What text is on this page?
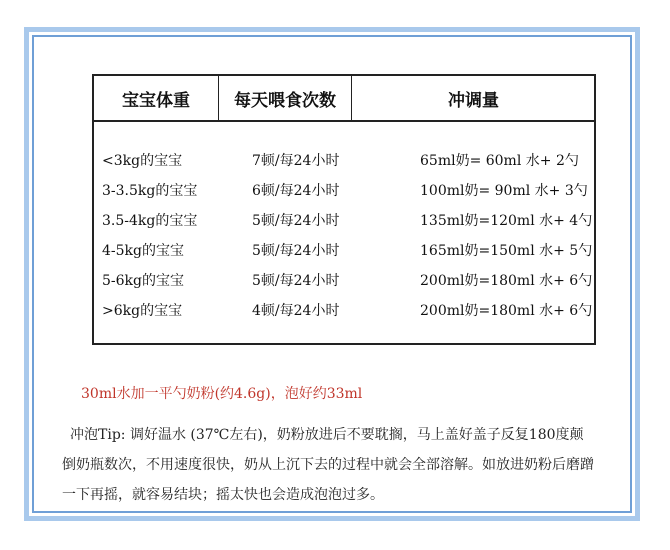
宝宝体重	每天喂食次数	冲调量
<3kg的宝宝	7顿/每24小时	65ml奶= 60ml 水+ 2勺
3-3.5kg的宝宝	6顿/每24小时	100ml奶= 90ml 水+ 3勺
3.5-4kg的宝宝	5顿/每24小时	135ml奶=120ml 水+ 4勺
4-5kg的宝宝	5顿/每24小时	165ml奶=150ml 水+ 5勺
5-6kg的宝宝	5顿/每24小时	200ml奶=180ml 水+ 6勺
>6kg的宝宝	4顿/每24小时	200ml奶=180ml 水+ 6勺
30ml水加一平勺奶粉(约4.6g)，泡好约33ml
冲泡Tip: 调好温水 (37℃左右)，奶粉放进后不要耽搁，马上盖好盖子反复180度颠
倒奶瓶数次，不用速度很快，奶从上沉下去的过程中就会全部溶解。如放进奶粉后磨蹭
一下再摇，就容易结块；摇太快也会造成泡泡过多。
